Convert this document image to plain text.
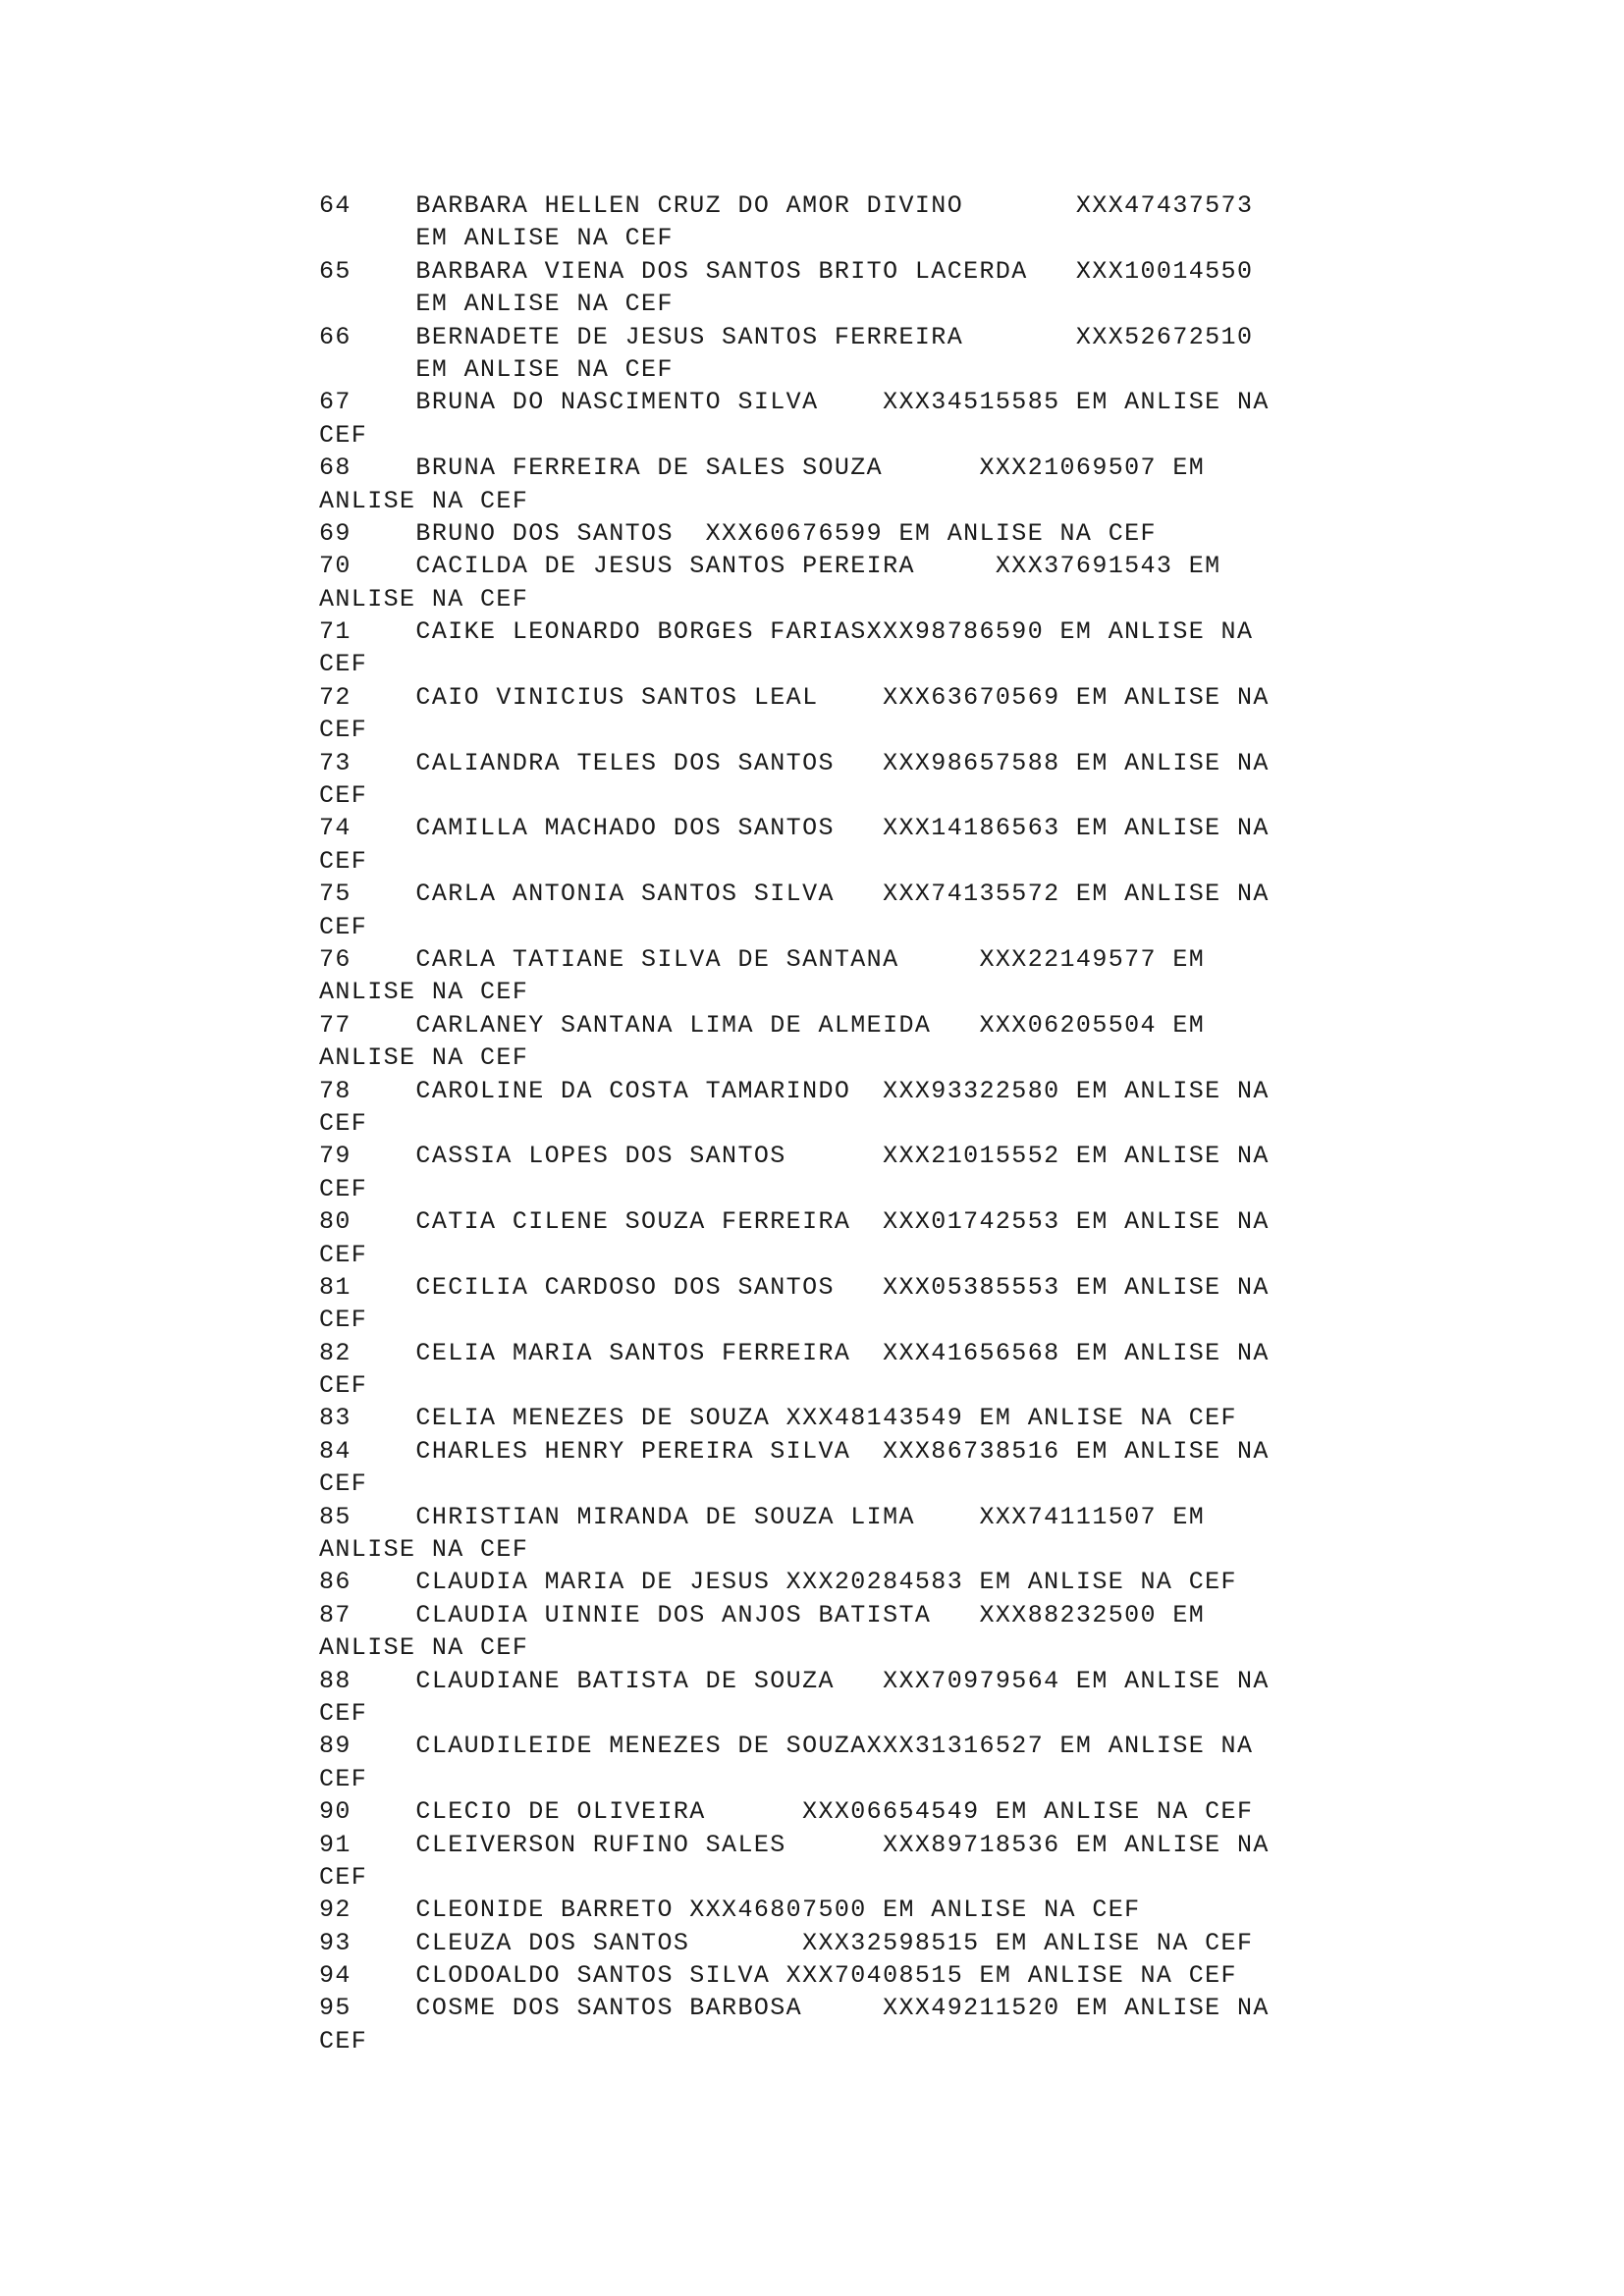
64    BARBARA HELLEN CRUZ DO AMOR DIVINO       XXX47437573
EM ANLISE NA CEF
65    BARBARA VIENA DOS SANTOS BRITO LACERDA   XXX10014550
EM ANLISE NA CEF
66    BERNADETE DE JESUS SANTOS FERREIRA       XXX52672510
EM ANLISE NA CEF
67    BRUNA DO NASCIMENTO SILVA    XXX34515585 EM ANLISE NA
CEF
68    BRUNA FERREIRA DE SALES SOUZA      XXX21069507 EM
ANLISE NA CEF
69    BRUNO DOS SANTOS  XXX60676599 EM ANLISE NA CEF
70    CACILDA DE JESUS SANTOS PEREIRA     XXX37691543 EM
ANLISE NA CEF
71    CAIKE LEONARDO BORGES FARIASXXX98786590 EM ANLISE NA
CEF
72    CAIO VINICIUS SANTOS LEAL    XXX63670569 EM ANLISE NA
CEF
73    CALIANDRA TELES DOS SANTOS   XXX98657588 EM ANLISE NA
CEF
74    CAMILLA MACHADO DOS SANTOS   XXX14186563 EM ANLISE NA
CEF
75    CARLA ANTONIA SANTOS SILVA   XXX74135572 EM ANLISE NA
CEF
76    CARLA TATIANE SILVA DE SANTANA     XXX22149577 EM
ANLISE NA CEF
77    CARLANEY SANTANA LIMA DE ALMEIDA   XXX06205504 EM
ANLISE NA CEF
78    CAROLINE DA COSTA TAMARINDO  XXX93322580 EM ANLISE NA
CEF
79    CASSIA LOPES DOS SANTOS      XXX21015552 EM ANLISE NA
CEF
80    CATIA CILENE SOUZA FERREIRA  XXX01742553 EM ANLISE NA
CEF
81    CECILIA CARDOSO DOS SANTOS   XXX05385553 EM ANLISE NA
CEF
82    CELIA MARIA SANTOS FERREIRA  XXX41656568 EM ANLISE NA
CEF
83    CELIA MENEZES DE SOUZA XXX48143549 EM ANLISE NA CEF
84    CHARLES HENRY PEREIRA SILVA  XXX86738516 EM ANLISE NA
CEF
85    CHRISTIAN MIRANDA DE SOUZA LIMA    XXX74111507 EM
ANLISE NA CEF
86    CLAUDIA MARIA DE JESUS XXX20284583 EM ANLISE NA CEF
87    CLAUDIA UINNIE DOS ANJOS BATISTA   XXX88232500 EM
ANLISE NA CEF
88    CLAUDIANE BATISTA DE SOUZA   XXX70979564 EM ANLISE NA
CEF
89    CLAUDILEIDE MENEZES DE SOUZAXXX31316527 EM ANLISE NA
CEF
90    CLECIO DE OLIVEIRA      XXX06654549 EM ANLISE NA CEF
91    CLEIVERSON RUFINO SALES      XXX89718536 EM ANLISE NA
CEF
92    CLEONIDE BARRETO XXX46807500 EM ANLISE NA CEF
93    CLEUZA DOS SANTOS       XXX32598515 EM ANLISE NA CEF
94    CLODOALDO SANTOS SILVA XXX70408515 EM ANLISE NA CEF
95    COSME DOS SANTOS BARBOSA     XXX49211520 EM ANLISE NA
CEF
